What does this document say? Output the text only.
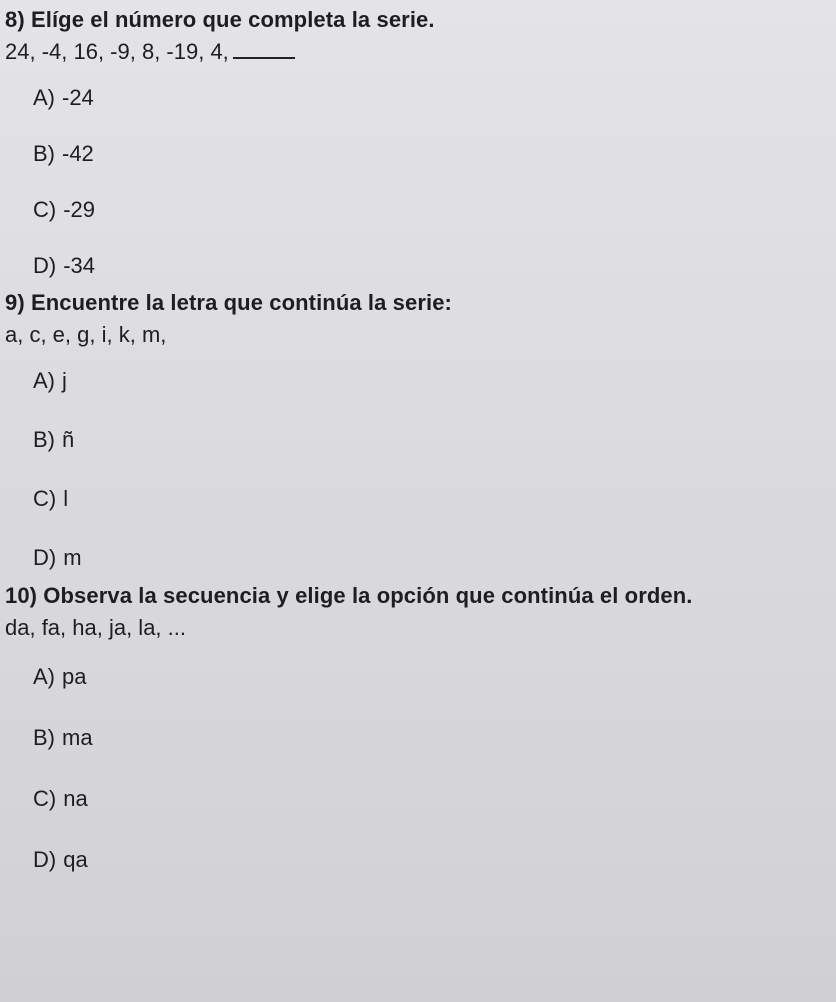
8) Elíge el número que completa la serie.
24, -4, 16, -9, 8, -19, 4,
A) -24
B) -42
C) -29
D) -34
9) Encuentre la letra que continúa la serie:
a, c, e, g, i, k, m,
A) j
B) ñ
C) l
D) m
10) Observa la secuencia y elige la opción que continúa el orden.
da, fa, ha, ja, la, ...
A) pa
B) ma
C) na
D) qa
